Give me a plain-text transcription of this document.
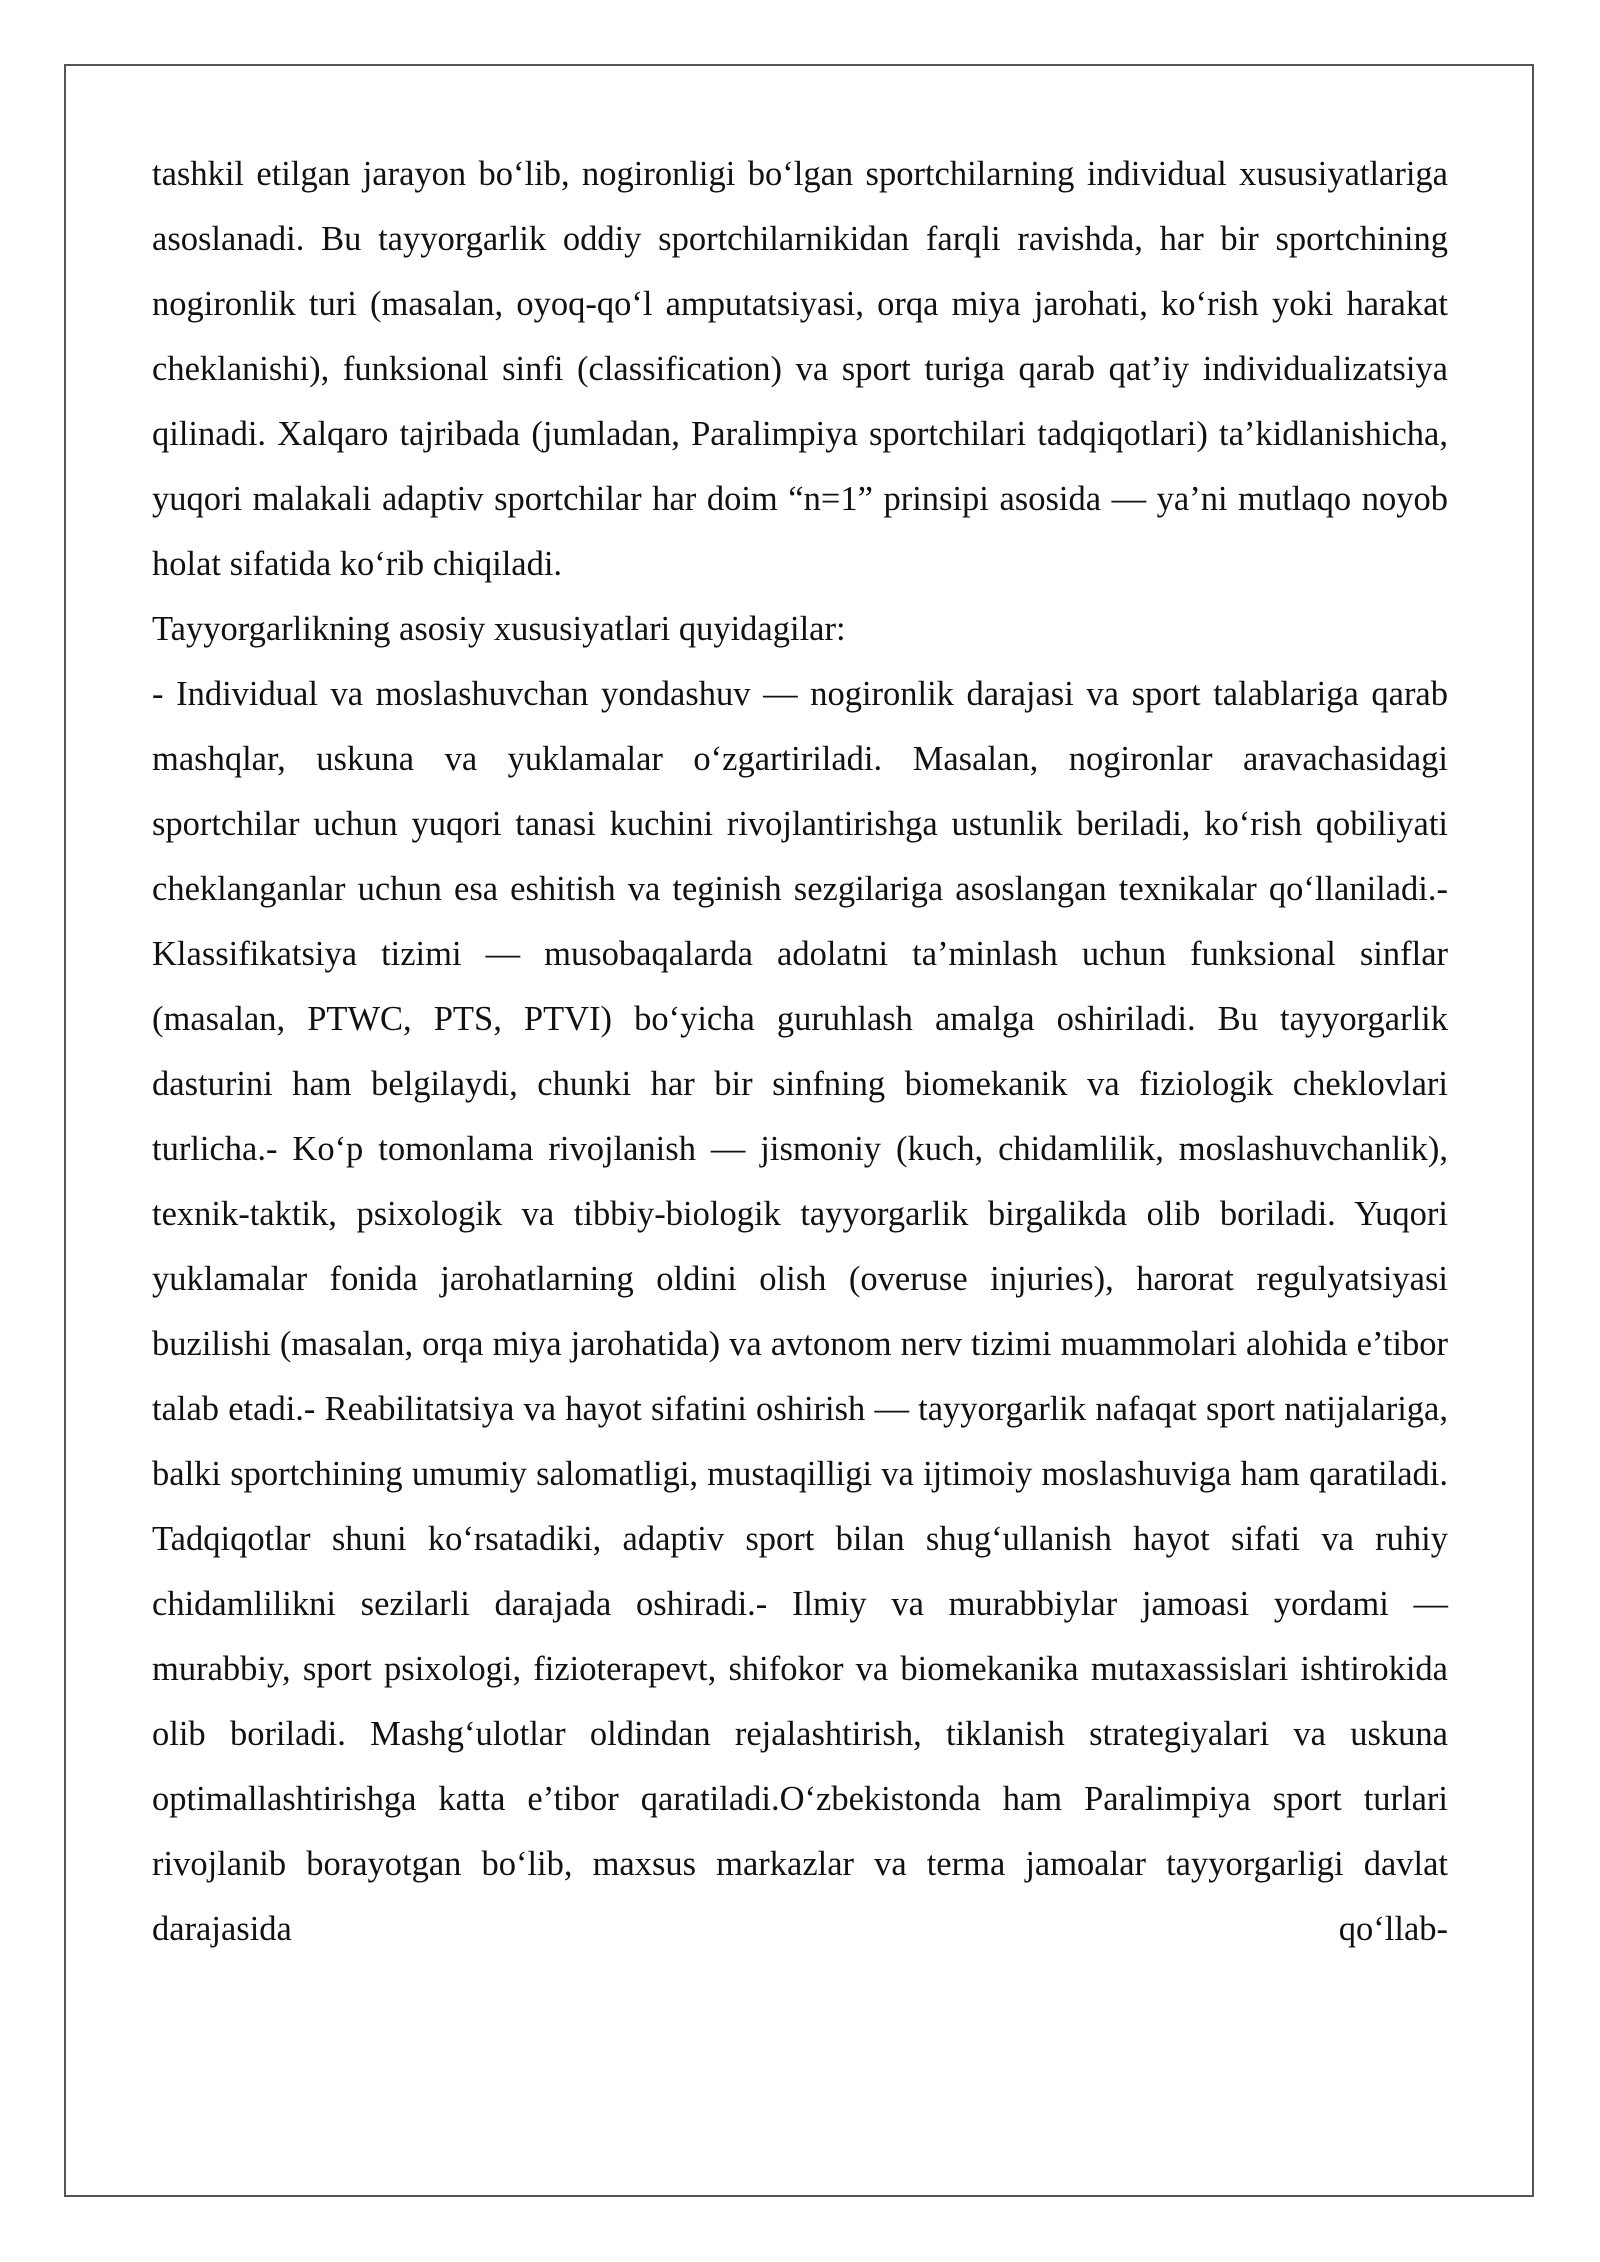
tashkil etilgan jarayon bo‘lib, nogironligi bo‘lgan sportchilarning individual xususiyatlariga asoslanadi. Bu tayyorgarlik oddiy sportchilarnikidan farqli ravishda, har bir sportchining nogironlik turi (masalan, oyoq-qo‘l amputatsiyasi, orqa miya jarohati, ko‘rish yoki harakat cheklanishi), funksional sinfi (classification) va sport turiga qarab qat’iy individualizatsiya qilinadi. Xalqaro tajribada (jumladan, Paralimpiya sportchilari tadqiqotlari) ta’kidlanishicha, yuqori malakali adaptiv sportchilar har doim “n=1” prinsipi asosida — ya’ni mutlaqo noyob holat sifatida ko‘rib chiqiladi.

Tayyorgarlikning asosiy xususiyatlari quyidagilar:

- Individual va moslashuvchan yondashuv — nogironlik darajasi va sport talablariga qarab mashqlar, uskuna va yuklamalar o‘zgartiriladi. Masalan, nogironlar aravachasidagi sportchilar uchun yuqori tanasi kuchini rivojlantirishga ustunlik beriladi, ko‘rish qobiliyati cheklanganlar uchun esa eshitish va teginish sezgilariga asoslangan texnikalar qo‘llaniladi.- Klassifikatsiya tizimi — musobaqalarda adolatni ta’minlash uchun funksional sinflar (masalan, PTWC, PTS, PTVI) bo‘yicha guruhlash amalga oshiriladi. Bu tayyorgarlik dasturini ham belgilaydi, chunki har bir sinfning biomekanik va fiziologik cheklovlari turlicha.- Ko‘p tomonlama rivojlanish — jismoniy (kuch, chidamlilik, moslashuvchanlik), texnik-taktik, psixologik va tibbiy-biologik tayyorgarlik birgalikda olib boriladi. Yuqori yuklamalar fonida jarohatlarning oldini olish (overuse injuries), harorat regulyatsiyasi buzilishi (masalan, orqa miya jarohatida) va avtonom nerv tizimi muammolari alohida e’tibor talab etadi.- Reabilitatsiya va hayot sifatini oshirish — tayyorgarlik nafaqat sport natijalariga, balki sportchining umumiy salomatligi, mustaqilligi va ijtimoiy moslashuviga ham qaratiladi. Tadqiqotlar shuni ko‘rsatadiki, adaptiv sport bilan shug‘ullanish hayot sifati va ruhiy chidamlilikni sezilarli darajada oshiradi.- Ilmiy va murabbiylar jamoasi yordami — murabbiy, sport psixologi, fizioterapevt, shifokor va biomekanika mutaxassislari ishtirokida olib boriladi. Mashg‘ulotlar oldindan rejalashtirish, tiklanish strategiyalari va uskuna optimallashtirishga katta e’tibor qaratiladi.O‘zbekistonda ham Paralimpiya sport turlari rivojlanib borayotgan bo‘lib, maxsus markazlar va terma jamoalar tayyorgarligi davlat darajasida qo‘llab-
